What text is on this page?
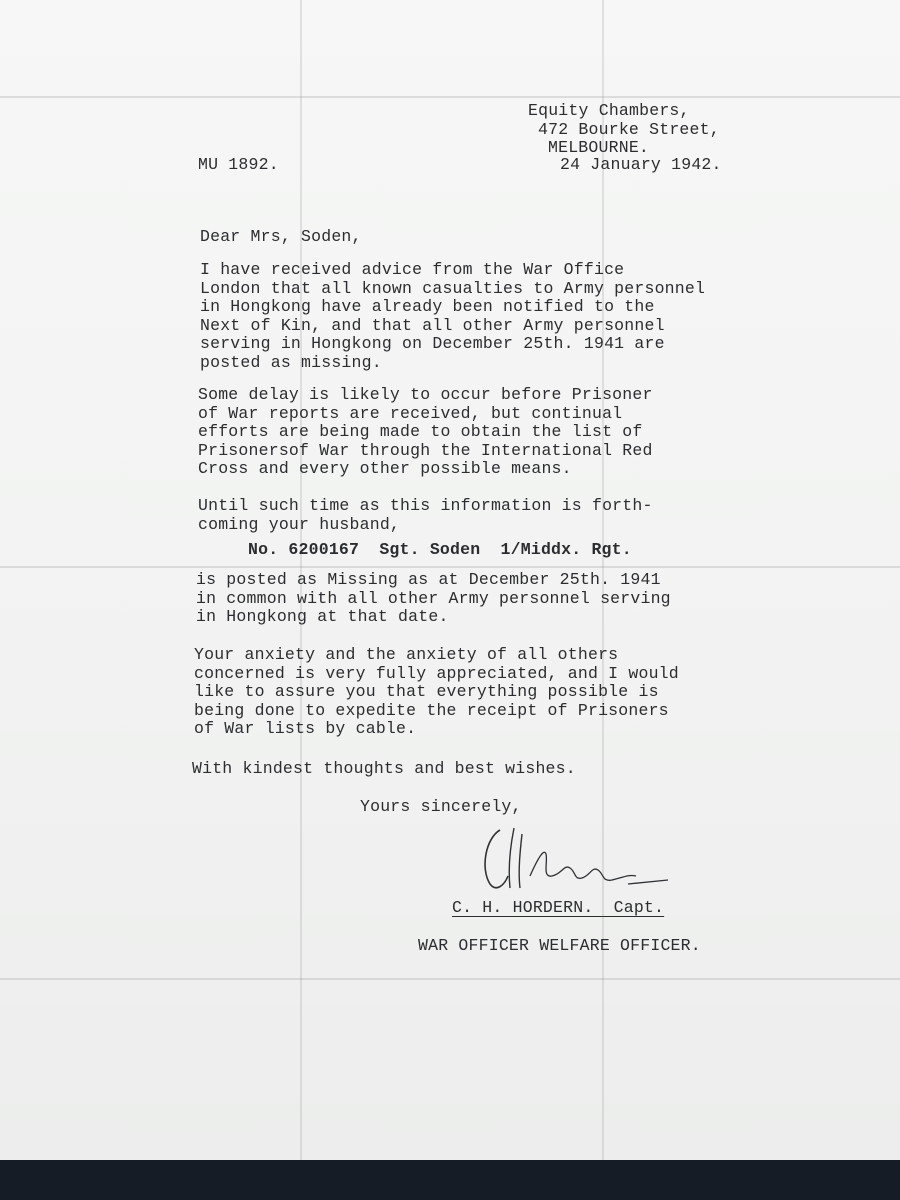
Equity Chambers,
472 Bourke Street,
MELBOURNE.

MU 1892.	24 January 1942.

Dear Mrs, Soden,

I have received advice from the War Office
London that all known casualties to Army personnel
in Hongkong have already been notified to the
Next of Kin, and that all other Army personnel
serving in Hongkong on December 25th. 1941 are
posted as missing.
Some delay is likely to occur before Prisoner
of War reports are received, but continual
efforts are being made to obtain the list of
Prisonersof War through the International Red
Cross and every other possible means.
Until such time as this information is forth-
coming your husband,

No. 6200167  Sgt. Soden  1/Middx. Rgt.

is posted as Missing as at December 25th. 1941
in common with all other Army personnel serving
in Hongkong at that date.
Your anxiety and the anxiety of all others
concerned is very fully appreciated, and I would
like to assure you that everything possible is
being done to expedite the receipt of Prisoners
of War lists by cable.

With kindest thoughts and best wishes.

Yours sincerely,

C. H. HORDERN.  Capt.

WAR OFFICER WELFARE OFFICER.
